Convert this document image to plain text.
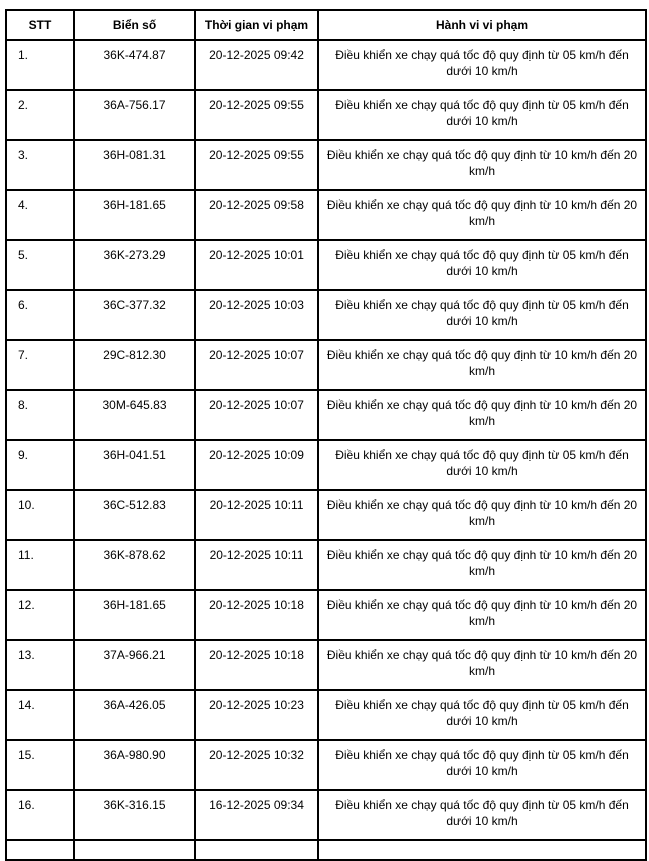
STT	Biển số	Thời gian vi phạm	Hành vi vi phạm
1.	36K-474.87	20-12-2025 09:42	Điều khiển xe chạy quá tốc độ quy định từ 05 km/h đến dưới 10 km/h
2.	36A-756.17	20-12-2025 09:55	Điều khiển xe chạy quá tốc độ quy định từ 05 km/h đến dưới 10 km/h
3.	36H-081.31	20-12-2025 09:55	Điều khiển xe chạy quá tốc độ quy định từ 10 km/h đến 20 km/h
4.	36H-181.65	20-12-2025 09:58	Điều khiển xe chạy quá tốc độ quy định từ 10 km/h đến 20 km/h
5.	36K-273.29	20-12-2025 10:01	Điều khiển xe chạy quá tốc độ quy định từ 05 km/h đến dưới 10 km/h
6.	36C-377.32	20-12-2025 10:03	Điều khiển xe chạy quá tốc độ quy định từ 05 km/h đến dưới 10 km/h
7.	29C-812.30	20-12-2025 10:07	Điều khiển xe chạy quá tốc độ quy định từ 10 km/h đến 20 km/h
8.	30M-645.83	20-12-2025 10:07	Điều khiển xe chạy quá tốc độ quy định từ 10 km/h đến 20 km/h
9.	36H-041.51	20-12-2025 10:09	Điều khiển xe chạy quá tốc độ quy định từ 05 km/h đến dưới 10 km/h
10.	36C-512.83	20-12-2025 10:11	Điều khiển xe chạy quá tốc độ quy định từ 10 km/h đến 20 km/h
11.	36K-878.62	20-12-2025 10:11	Điều khiển xe chạy quá tốc độ quy định từ 10 km/h đến 20 km/h
12.	36H-181.65	20-12-2025 10:18	Điều khiển xe chạy quá tốc độ quy định từ 10 km/h đến 20 km/h
13.	37A-966.21	20-12-2025 10:18	Điều khiển xe chạy quá tốc độ quy định từ 10 km/h đến 20 km/h
14.	36A-426.05	20-12-2025 10:23	Điều khiển xe chạy quá tốc độ quy định từ 05 km/h đến dưới 10 km/h
15.	36A-980.90	20-12-2025 10:32	Điều khiển xe chạy quá tốc độ quy định từ 05 km/h đến dưới 10 km/h
16.	36K-316.15	16-12-2025 09:34	Điều khiển xe chạy quá tốc độ quy định từ 05 km/h đến dưới 10 km/h
